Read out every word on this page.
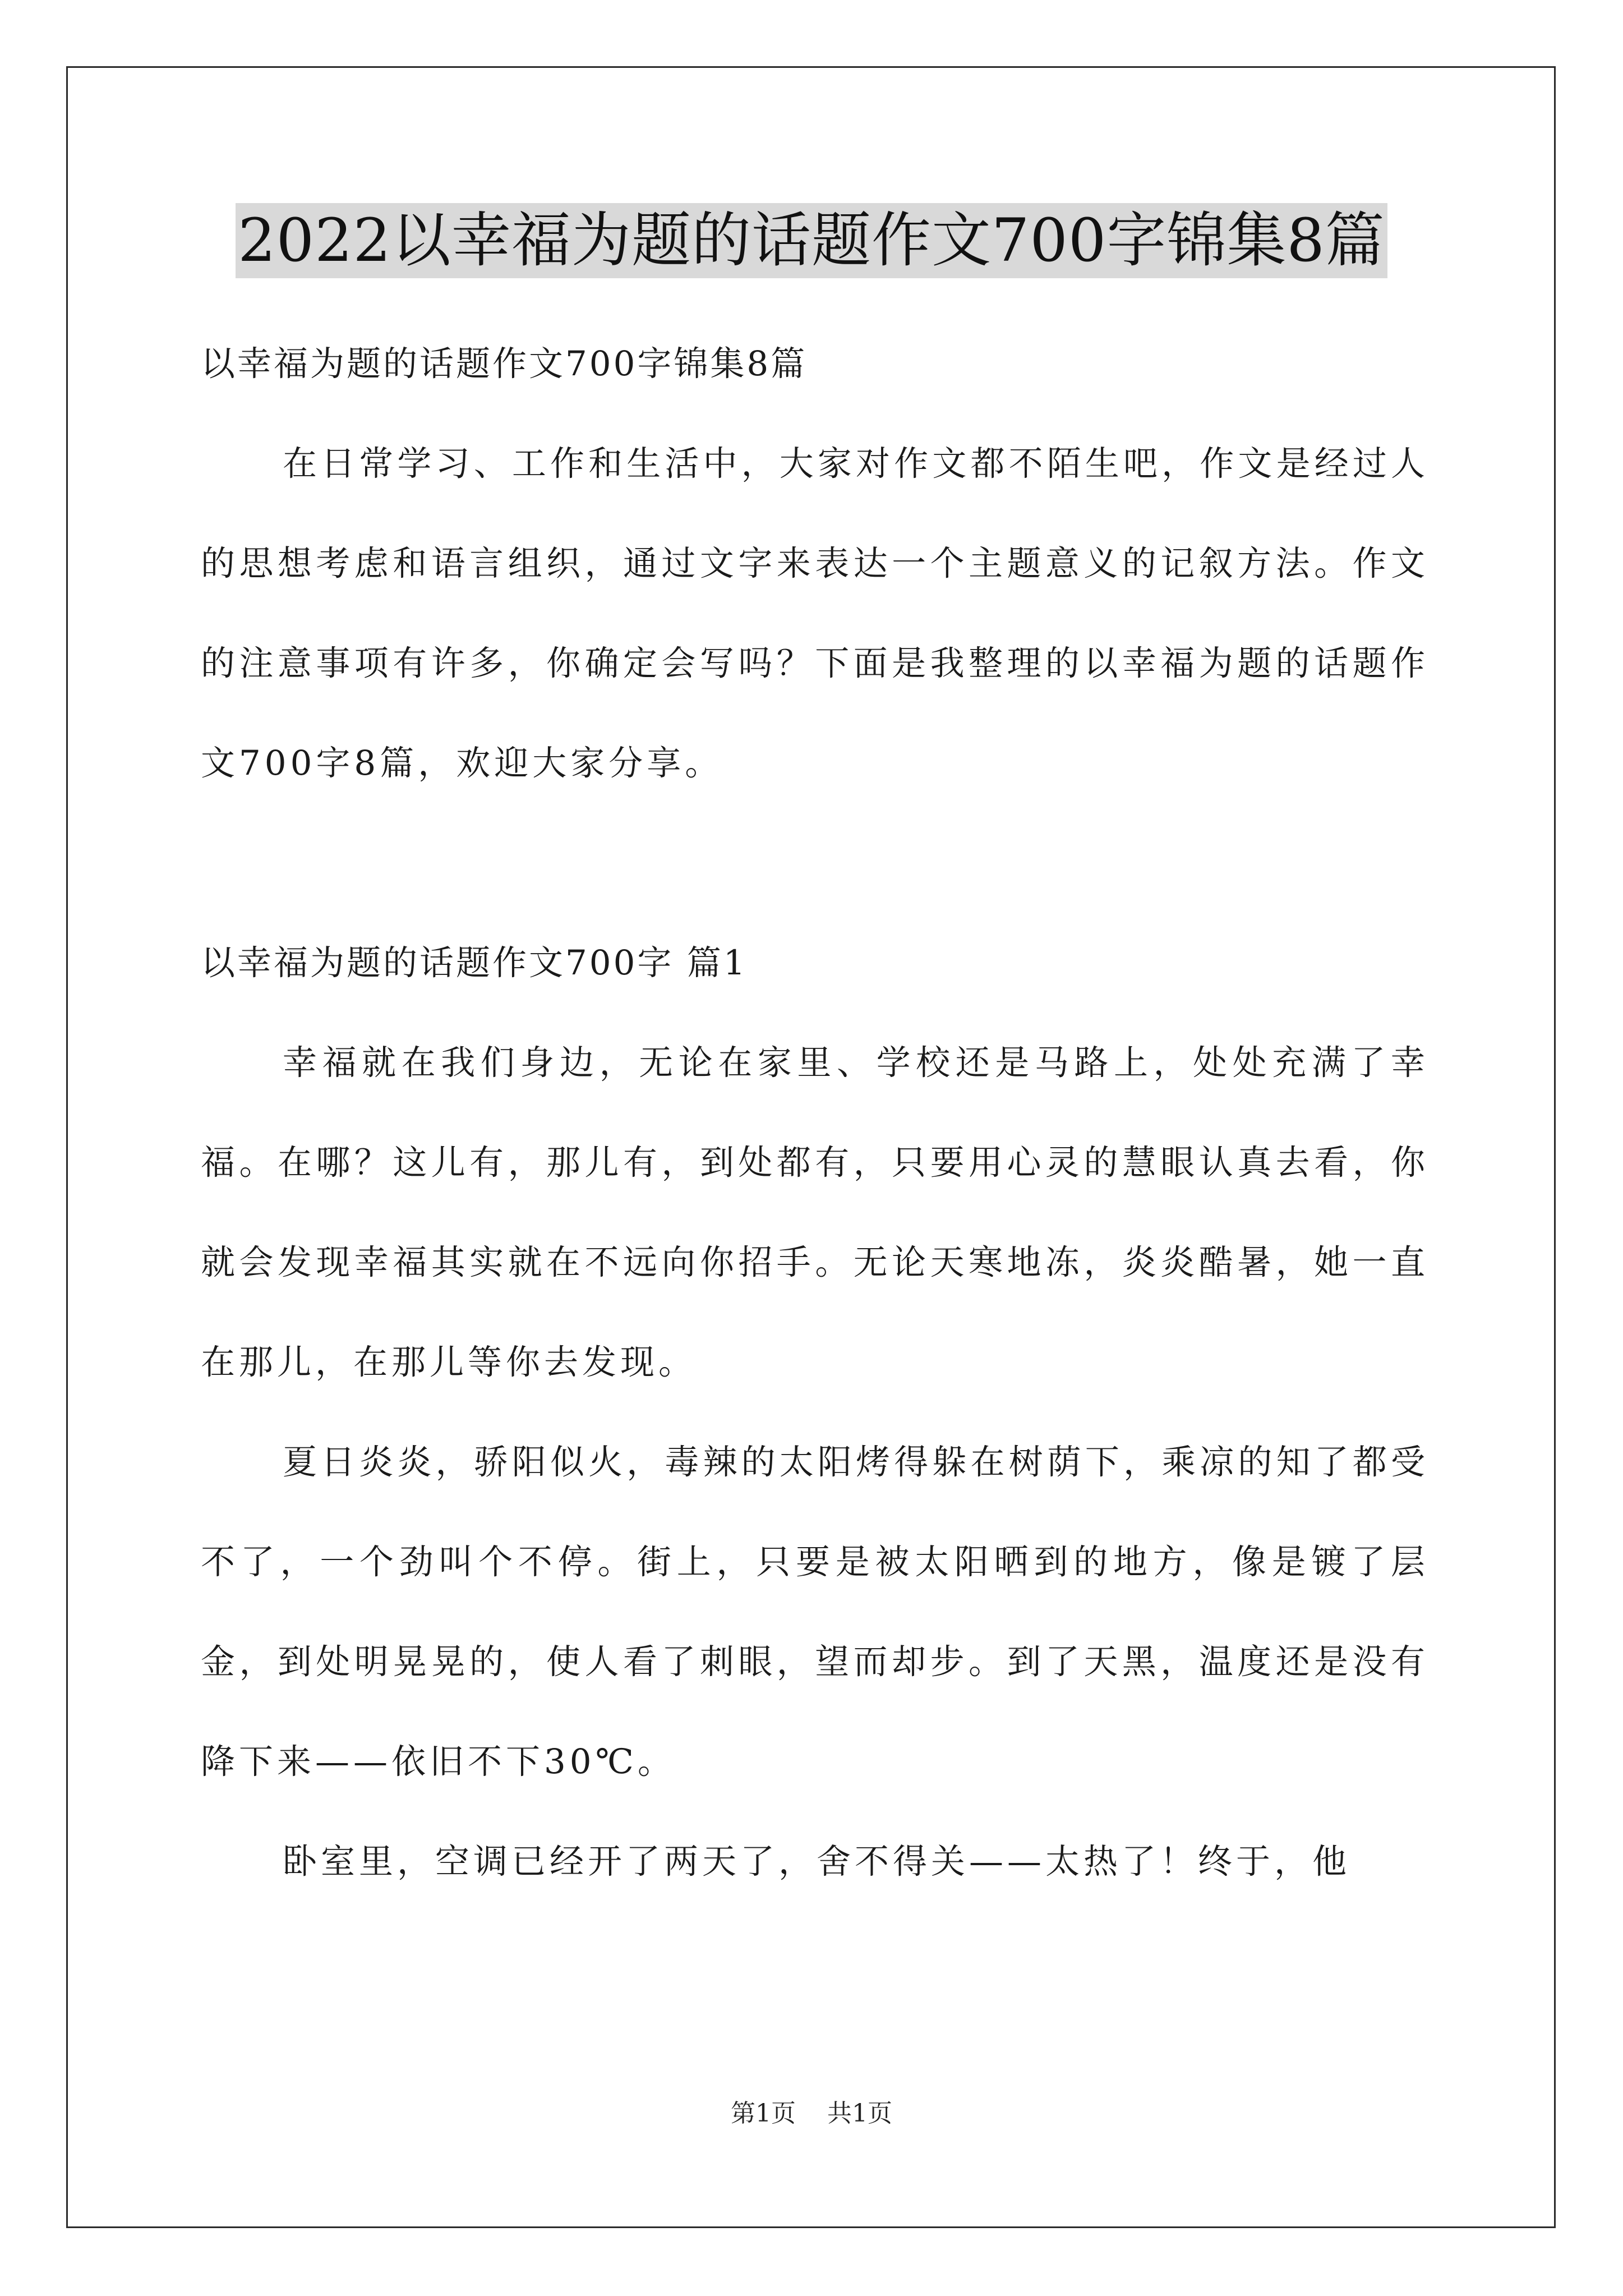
2022以幸福为题的话题作文700字锦集8篇

以幸福为题的话题作文700字锦集8篇

在日常学习、工作和生活中，大家对作文都不陌生吧，作文是经过人的思想考虑和语言组织，通过文字来表达一个主题意义的记叙方法。作文的注意事项有许多，你确定会写吗？下面是我整理的以幸福为题的话题作文700字8篇，欢迎大家分享。

以幸福为题的话题作文700字 篇1

幸福就在我们身边，无论在家里、学校还是马路上，处处充满了幸福。在哪？这儿有，那儿有，到处都有，只要用心灵的慧眼认真去看，你就会发现幸福其实就在不远向你招手。无论天寒地冻，炎炎酷暑，她一直在那儿，在那儿等你去发现。

夏日炎炎，骄阳似火，毒辣的太阳烤得躲在树荫下，乘凉的知了都受不了，一个劲叫个不停。街上，只要是被太阳晒到的地方，像是镀了层金，到处明晃晃的，使人看了刺眼，望而却步。到了天黑，温度还是没有降下来——依旧不下30℃。

卧室里，空调已经开了两天了，舍不得关——太热了！终于，他

第1页 共1页
